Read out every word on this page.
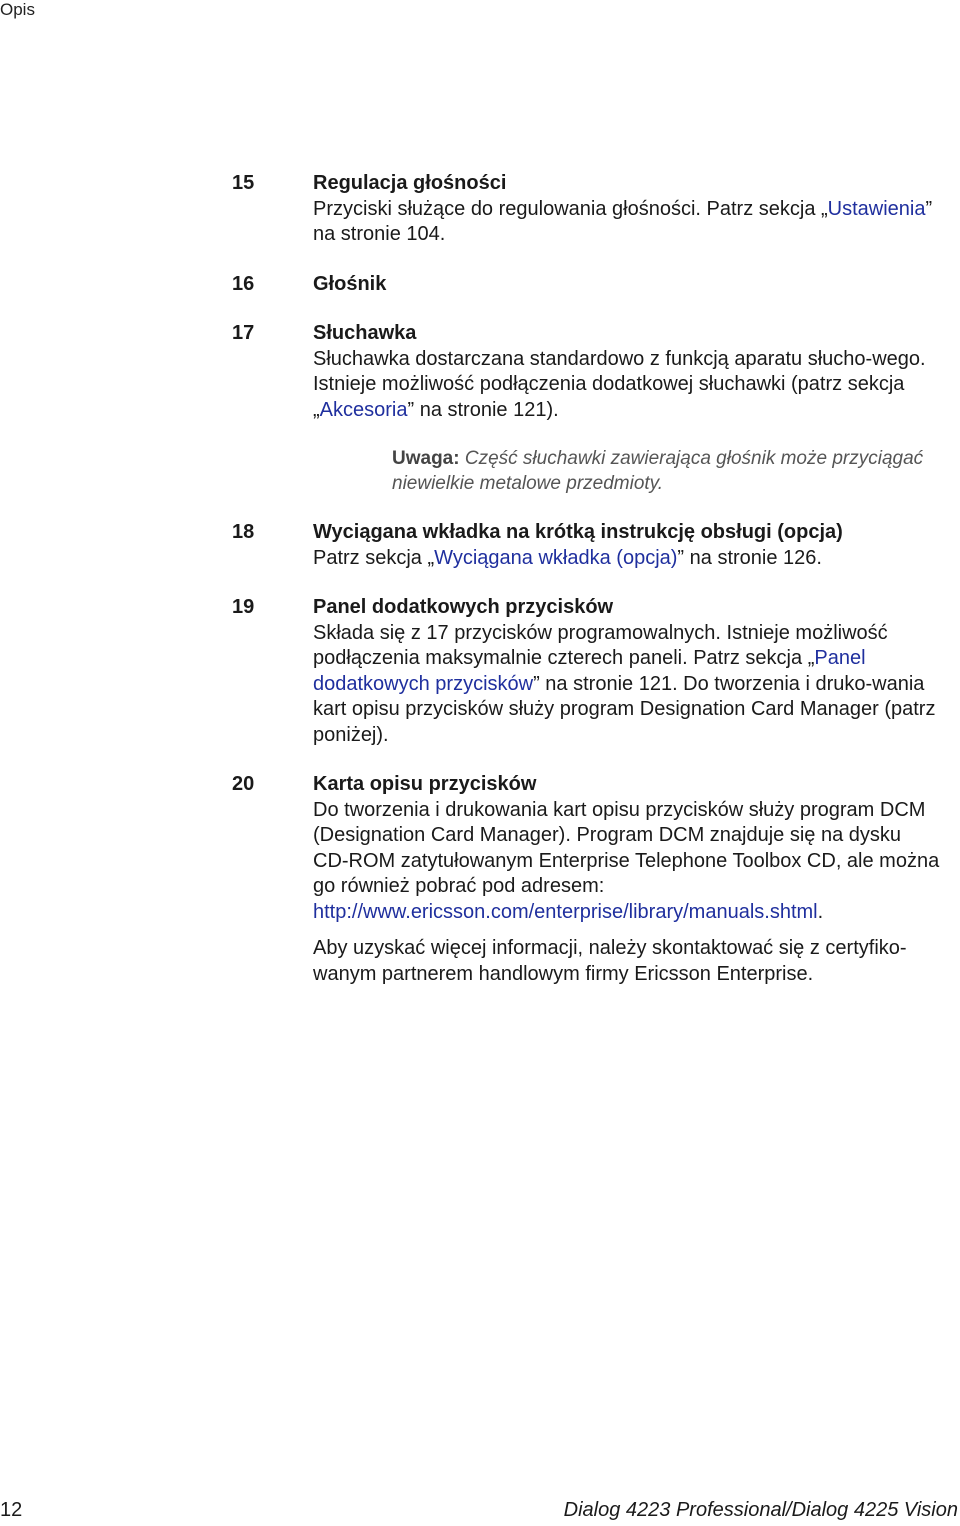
Opis
15	Regulacja głośności
Przyciski służące do regulowania głośności. Patrz sekcja „Ustawienia” na stronie 104.
16	Głośnik
17	Słuchawka
Słuchawka dostarczana standardowo z funkcją aparatu słucho-wego. Istnieje możliwość podłączenia dodatkowej słuchawki (patrz sekcja „Akcesoria” na stronie 121).
Uwaga: Część słuchawki zawierająca głośnik może przyciągać niewielkie metalowe przedmioty.
18	Wyciągana wkładka na krótką instrukcję obsługi (opcja)
Patrz sekcja „Wyciągana wkładka (opcja)” na stronie 126.
19	Panel dodatkowych przycisków
Składa się z 17 przycisków programowalnych. Istnieje możliwość podłączenia maksymalnie czterech paneli. Patrz sekcja „Panel dodatkowych przycisków” na stronie 121. Do tworzenia i druko-wania kart opisu przycisków służy program Designation Card Manager (patrz poniżej).
20	Karta opisu przycisków
Do tworzenia i drukowania kart opisu przycisków służy program DCM (Designation Card Manager). Program DCM znajduje się na dysku CD-ROM zatytułowanym Enterprise Telephone Toolbox CD, ale można go również pobrać pod adresem: http://www.ericsson.com/enterprise/library/manuals.shtml.
Aby uzyskać więcej informacji, należy skontaktować się z certyfiko-wanym partnerem handlowym firmy Ericsson Enterprise.
12	Dialog 4223 Professional/Dialog 4225 Vision
